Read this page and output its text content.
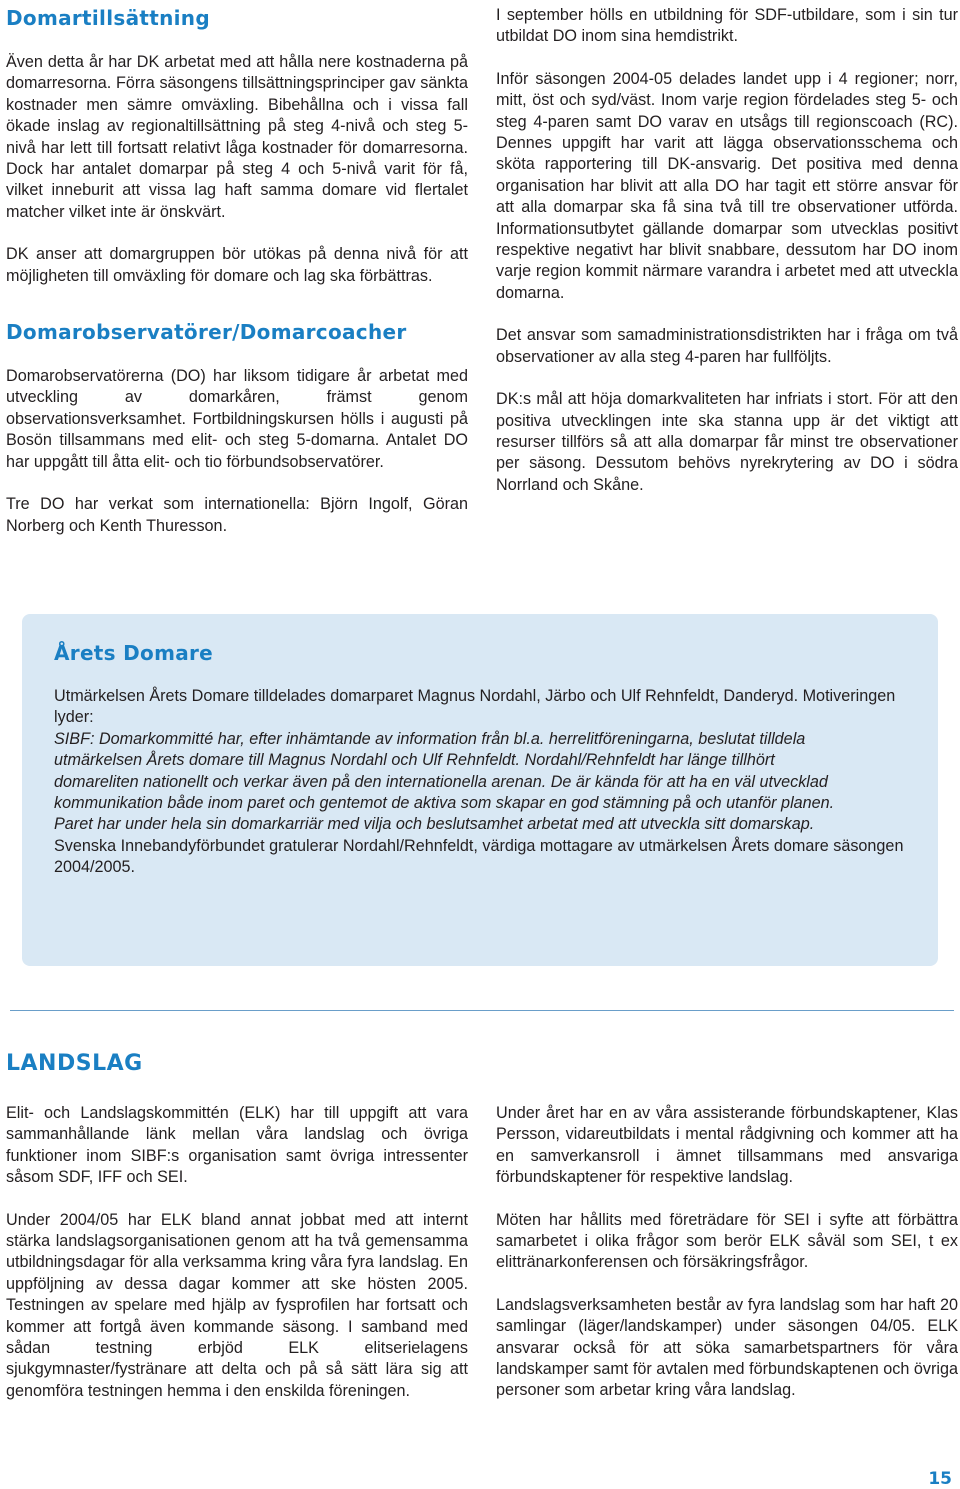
Domartillsättning

Även detta år har DK arbetat med att hålla nere kostnaderna på domarresorna. Förra säsongens tillsättningsprinciper gav sänkta kostnader men sämre omväxling. Bibehållna och i vissa fall ökade inslag av regionaltillsättning på steg 4-nivå och steg 5-nivå har lett till fortsatt relativt låga kostnader för domarresorna. Dock har antalet domarpar på steg 4 och 5-nivå varit för få, vilket inneburit att vissa lag haft samma domare vid flertalet matcher vilket inte är önskvärt.

DK anser att domargruppen bör utökas på denna nivå för att möjligheten till omväxling för domare och lag ska förbättras.

Domarobservatörer/Domarcoacher

Domarobservatörerna (DO) har liksom tidigare år arbetat med utveckling av domarkåren, främst genom observationsverksamhet. Fortbildningskursen hölls i augusti på Bosön tillsammans med elit- och steg 5-domarna. Antalet DO har uppgått till åtta elit- och tio förbundsobservatörer.

Tre DO har verkat som internationella: Björn Ingolf, Göran Norberg och Kenth Thuresson.

I september hölls en utbildning för SDF-utbildare, som i sin tur utbildat DO inom sina hemdistrikt.

Inför säsongen 2004-05 delades landet upp i 4 regioner; norr, mitt, öst och syd/väst. Inom varje region fördelades steg 5- och steg 4-paren samt DO varav en utsågs till regionscoach (RC). Dennes uppgift har varit att lägga observationsschema och sköta rapportering till DK-ansvarig. Det positiva med denna organisation har blivit att alla DO har tagit ett större ansvar för att alla domarpar ska få sina två till tre observationer utförda. Informationsutbytet gällande domarpar som utvecklas positivt respektive negativt har blivit snabbare, dessutom har DO inom varje region kommit närmare varandra i arbetet med att utveckla domarna.

Det ansvar som samadministrationsdistrikten har i fråga om två observationer av alla steg 4-paren har fullföljts.

DK:s mål att höja domarkvaliteten har infriats i stort. För att den positiva utvecklingen inte ska stanna upp är det viktigt att resurser tillförs så att alla domarpar får minst tre observationer per säsong. Dessutom behövs nyrekrytering av DO i södra Norrland och Skåne.

Årets Domare

Utmärkelsen Årets Domare tilldelades domarparet Magnus Nordahl, Järbo och Ulf Rehnfeldt, Danderyd. Motiveringen lyder:

SIBF: Domarkommitté har, efter inhämtande av information från bl.a. herrelitföreningarna, beslutat tilldela utmärkelsen Årets domare till Magnus Nordahl och Ulf Rehnfeldt. Nordahl/Rehnfeldt har länge tillhört domareliten nationellt och verkar även på den internationella arenan. De är kända för att ha en väl utvecklad kommunikation både inom paret och gentemot de aktiva som skapar en god stämning på och utanför planen. Paret har under hela sin domarkarriär med vilja och beslutsamhet arbetat med att utveckla sitt domarskap.

Svenska Innebandyförbundet gratulerar Nordahl/Rehnfeldt, värdiga mottagare av utmärkelsen Årets domare säsongen 2004/2005.

LANDSLAG

Elit- och Landslagskommittén (ELK) har till uppgift att vara sammanhållande länk mellan våra landslag och övriga funktioner inom SIBF:s organisation samt övriga intressenter såsom SDF, IFF och SEI.

Under 2004/05 har ELK bland annat jobbat med att internt stärka landslagsorganisationen genom att ha två gemensamma utbildningsdagar för alla verksamma kring våra fyra landslag. En uppföljning av dessa dagar kommer att ske hösten 2005. Testningen av spelare med hjälp av fysprofilen har fortsatt och kommer att fortgå även kommande säsong. I samband med sådan testning erbjöd ELK elitserielagens sjukgymnaster/fystränare att delta och på så sätt lära sig att genomföra testningen hemma i den enskilda föreningen.

Under året har en av våra assisterande förbundskaptener, Klas Persson, vidareutbildats i mental rådgivning och kommer att ha en samverkansroll i ämnet tillsammans med ansvariga förbundskaptener för respektive landslag.

Möten har hållits med företrädare för SEI i syfte att förbättra samarbetet i olika frågor som berör ELK såväl som SEI, t ex elittränarkonferensen och försäkringsfrågor.

Landslagsverksamheten består av fyra landslag som har haft 20 samlingar (läger/landskamper) under säsongen 04/05. ELK ansvarar också för att söka samarbetspartners för våra landskamper samt för avtalen med förbundskaptenen och övriga personer som arbetar kring våra landslag.

15
